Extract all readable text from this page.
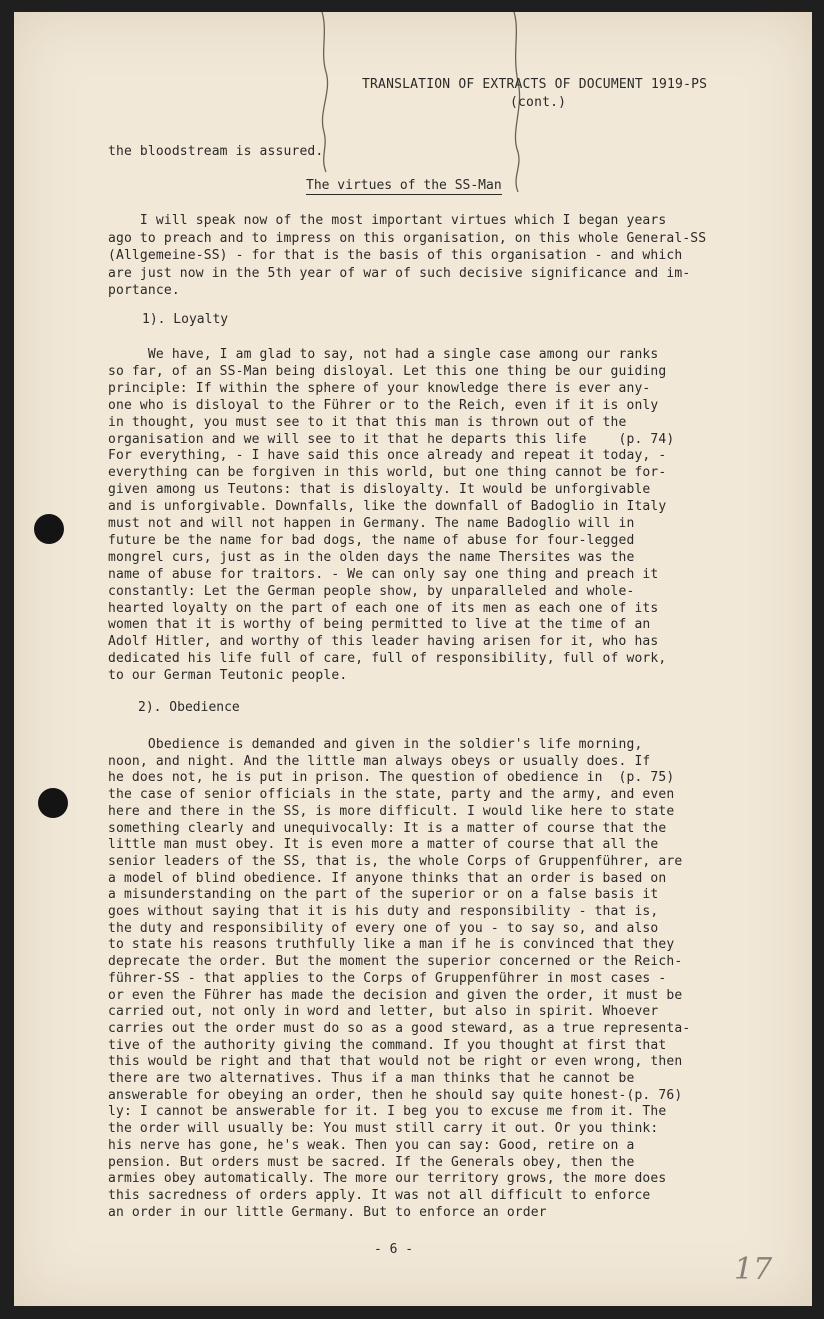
TRANSLATION OF EXTRACTS OF DOCUMENT 1919-PS
(cont.)
the bloodstream is assured.
The virtues of the SS-Man
I will speak now of the most important virtues which I began years
ago to preach and to impress on this organisation, on this whole General-SS
(Allgemeine-SS) - for that is the basis of this organisation - and which
are just now in the 5th year of war of such decisive significance and im-
portance.
1). Loyalty
We have, I am glad to say, not had a single case among our ranks
so far, of an SS-Man being disloyal. Let this one thing be our guiding
principle: If within the sphere of your knowledge there is ever any-
one who is disloyal to the Führer or to the Reich, even if it is only
in thought, you must see to it that this man is thrown out of the
organisation and we will see to it that he departs this life    (p. 74)
For everything, - I have said this once already and repeat it today, -
everything can be forgiven in this world, but one thing cannot be for-
given among us Teutons: that is disloyalty. It would be unforgivable
and is unforgivable. Downfalls, like the downfall of Badoglio in Italy
must not and will not happen in Germany. The name Badoglio will in
future be the name for bad dogs, the name of abuse for four-legged
mongrel curs, just as in the olden days the name Thersites was the
name of abuse for traitors. - We can only say one thing and preach it
constantly: Let the German people show, by unparalleled and whole-
hearted loyalty on the part of each one of its men as each one of its
women that it is worthy of being permitted to live at the time of an
Adolf Hitler, and worthy of this leader having arisen for it, who has
dedicated his life full of care, full of responsibility, full of work,
to our German Teutonic people.
2). Obedience
Obedience is demanded and given in the soldier's life morning,
noon, and night. And the little man always obeys or usually does. If
he does not, he is put in prison. The question of obedience in  (p. 75)
the case of senior officials in the state, party and the army, and even
here and there in the SS, is more difficult. I would like here to state
something clearly and unequivocally: It is a matter of course that the
little man must obey. It is even more a matter of course that all the
senior leaders of the SS, that is, the whole Corps of Gruppenführer, are
a model of blind obedience. If anyone thinks that an order is based on
a misunderstanding on the part of the superior or on a false basis it
goes without saying that it is his duty and responsibility - that is,
the duty and responsibility of every one of you - to say so, and also
to state his reasons truthfully like a man if he is convinced that they
deprecate the order. But the moment the superior concerned or the Reich-
führer-SS - that applies to the Corps of Gruppenführer in most cases -
or even the Führer has made the decision and given the order, it must be
carried out, not only in word and letter, but also in spirit. Whoever
carries out the order must do so as a good steward, as a true representa-
tive of the authority giving the command. If you thought at first that
this would be right and that that would not be right or even wrong, then
there are two alternatives. Thus if a man thinks that he cannot be
answerable for obeying an order, then he should say quite honest-(p. 76)
ly: I cannot be answerable for it. I beg you to excuse me from it. The
the order will usually be: You must still carry it out. Or you think:
his nerve has gone, he's weak. Then you can say: Good, retire on a
pension. But orders must be sacred. If the Generals obey, then the
armies obey automatically. The more our territory grows, the more does
this sacredness of orders apply. It was not all difficult to enforce
an order in our little Germany. But to enforce an order
- 6 -
17
